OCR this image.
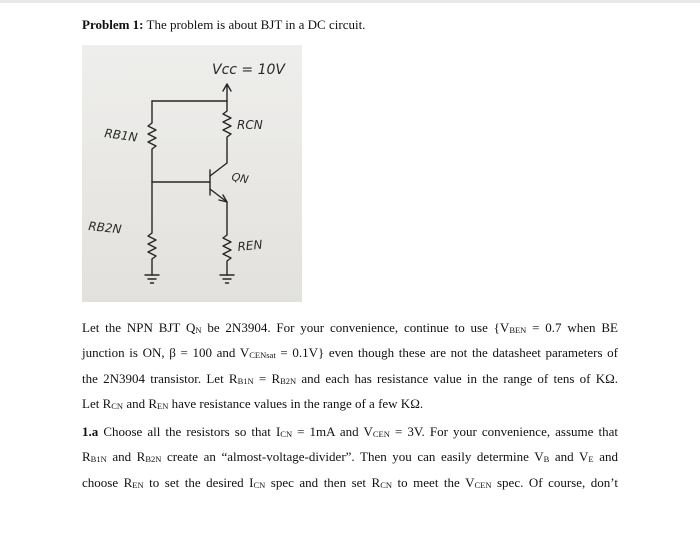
Problem 1: The problem is about BJT in a DC circuit.
Vcc = 10V
RB1N
RCN
QN
RB2N
REN
Let the NPN BJT QN be 2N3904. For your convenience, continue to use {VBEN = 0.7 when BE
junction is ON, β = 100 and VCENsat = 0.1V} even though these are not the datasheet parameters of
the 2N3904 transistor. Let RB1N = RB2N and each has resistance value in the range of tens of KΩ.
Let RCN and REN have resistance values in the range of a few KΩ.
1.a Choose all the resistors so that ICN = 1mA and VCEN = 3V. For your convenience, assume that
RB1N and RB2N create an “almost-voltage-divider”. Then you can easily determine VB and VE and
choose REN to set the desired ICN spec and then set RCN to meet the VCEN spec. Of course, don’t
